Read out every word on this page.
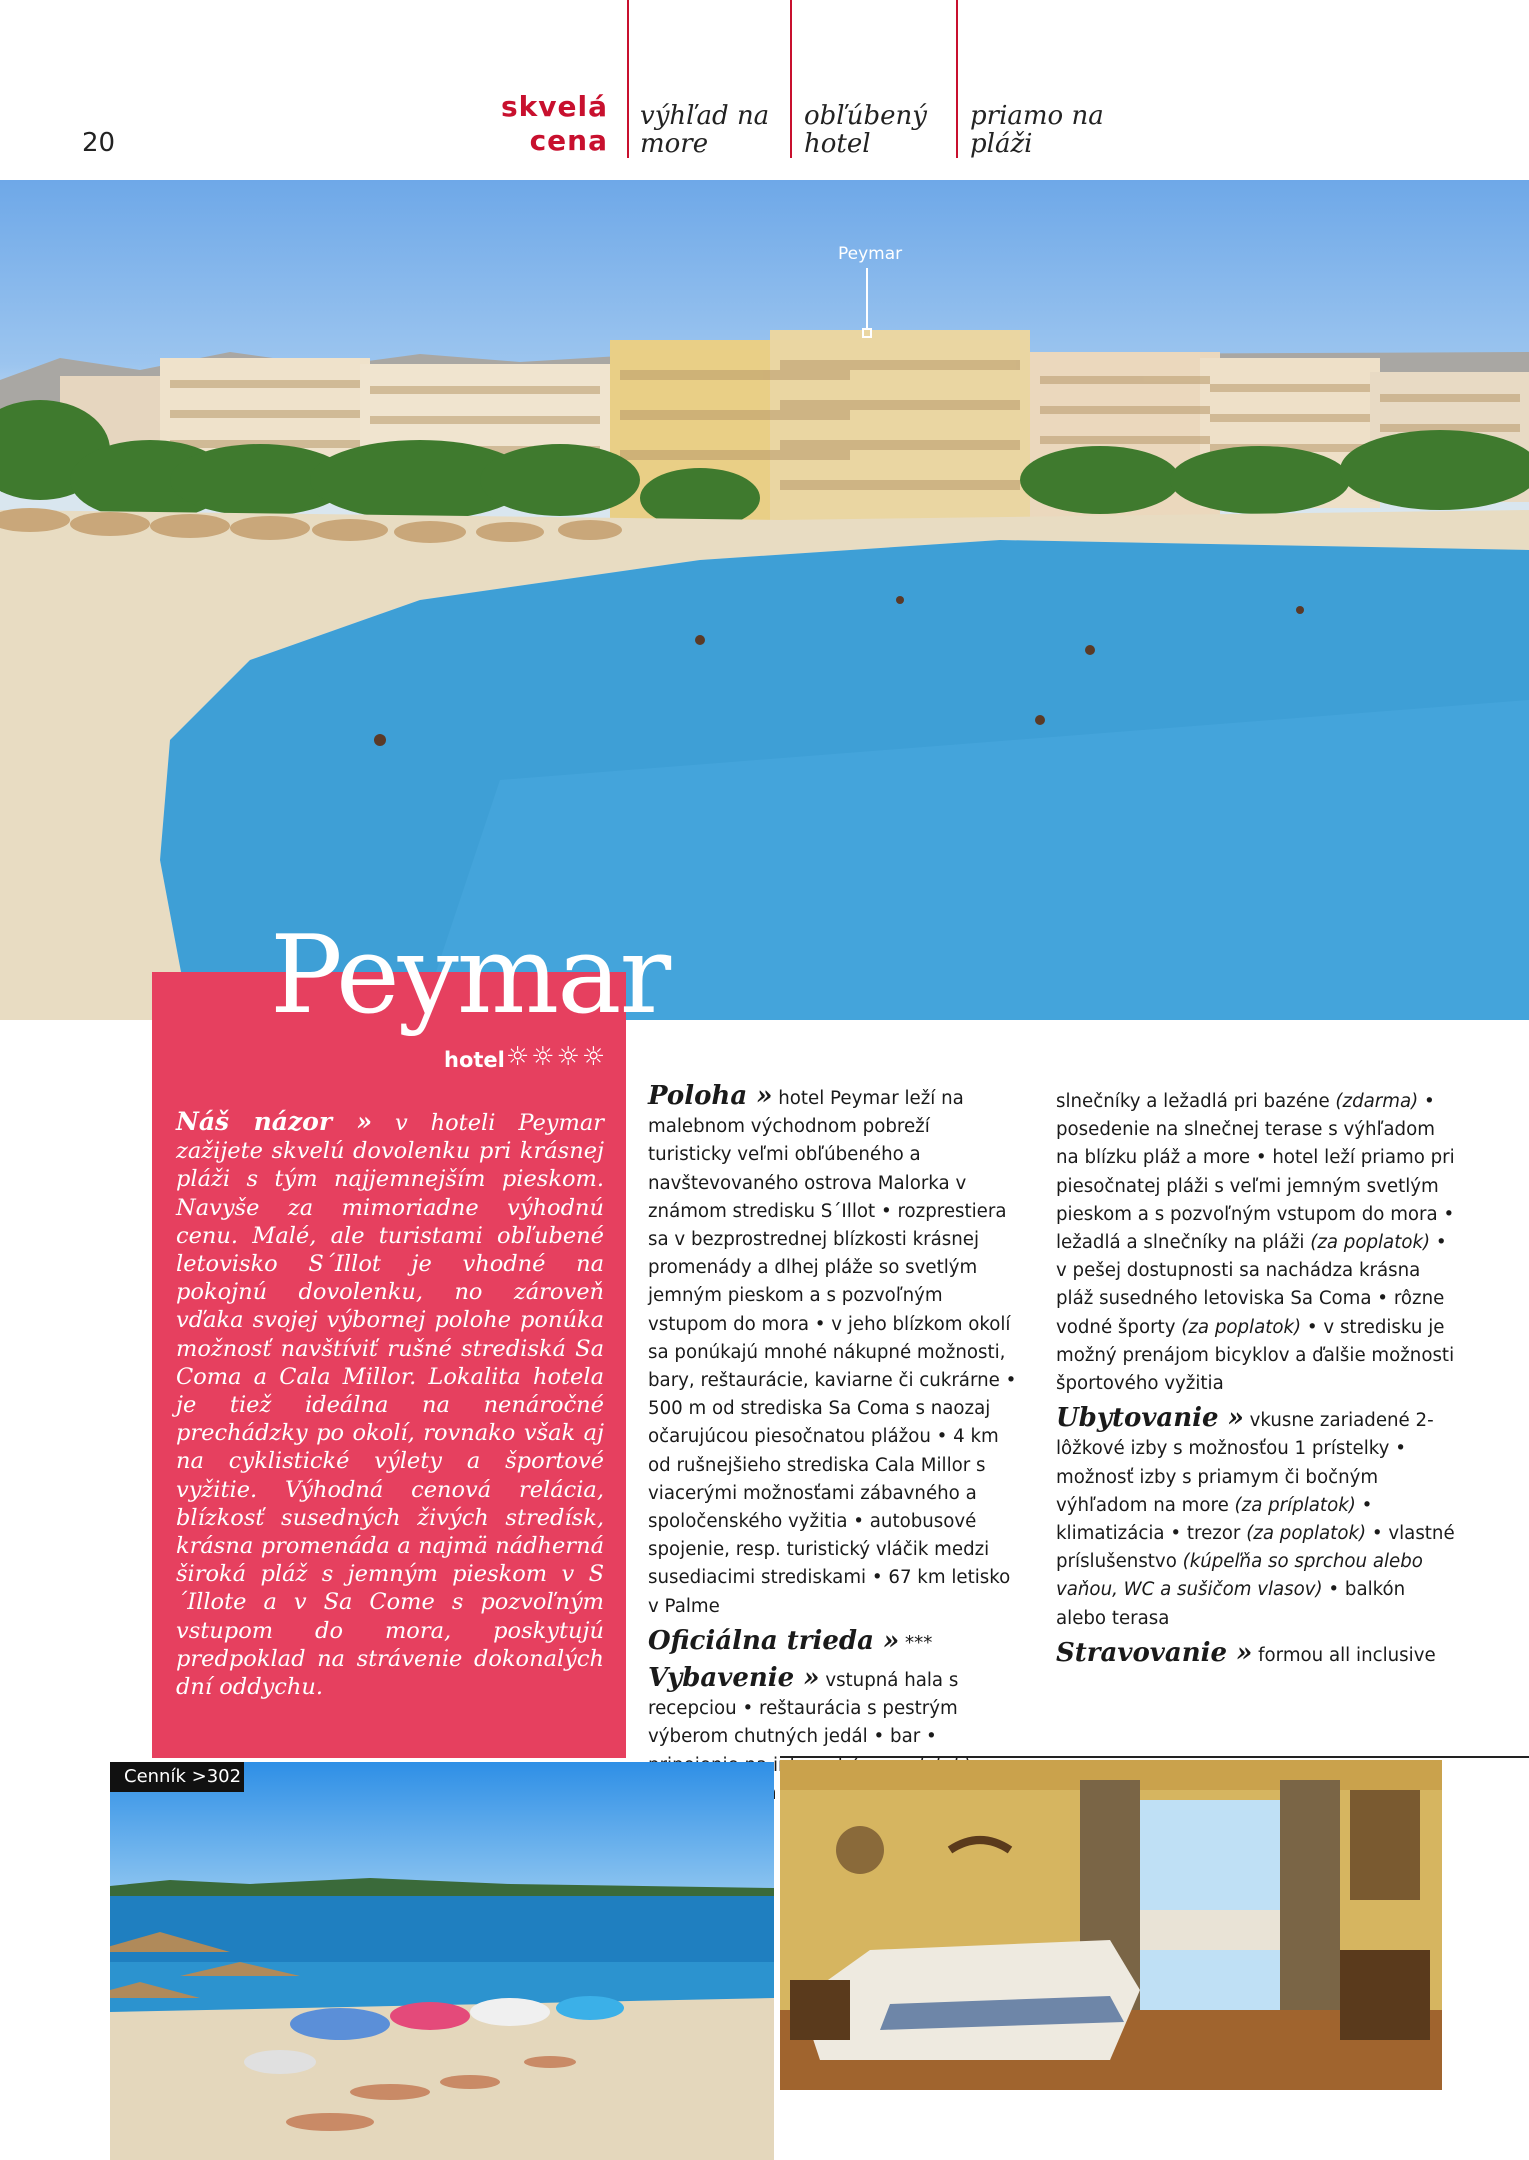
20
skvelá
cena
výhľad na
more
obľúbený
hotel
priamo na
pláži
Peymar
Peymar
hotel ☼☼☼☼
Náš názor » v hoteli Peymar zažijete skvelú dovolenku pri krásnej pláži s tým najjemnejším pieskom. Navyše za mimoriadne výhodnú cenu. Malé, ale turistami obľubené letovisko S´Illot je vhodné na pokojnú dovolenku, no zároveň vďaka svojej výbornej polohe ponúka možnosť navštíviť rušné strediská Sa Coma a Cala Millor. Lokalita hotela je tiež ideálna na nenáročné prechádzky po okolí, rovnako však aj na cyklistické výlety a športové vyžitie. Výhodná cenová relácia, blízkosť susedných živých stredísk, krásna promenáda a najmä nádherná široká pláž s jemným pieskom v S´Illote a v Sa Come s pozvoľným vstupom do mora, poskytujú predpoklad na strávenie dokonalých dní oddychu.

Poloha » hotel Peymar leží na malebnom východnom pobreží turisticky veľmi obľúbeného a navštevovaného ostrova Malorka v známom stredisku S´Illot • rozprestiera sa v bezprostrednej blízkosti krásnej promenády a dlhej pláže so svetlým jemným pieskom a s pozvoľným vstupom do mora • v jeho blízkom okolí sa ponúkajú mnohé nákupné možnosti, bary, reštaurácie, kaviarne či cukrárne • 500 m od strediska Sa Coma s naozaj očarujúcou piesočnatou plážou • 4 km od rušnejšieho strediska Cala Millor s viacerými možnosťami zábavného a spoločenského vyžitia • autobusové spojenie, resp. turistický vláčik medzi susediacimi strediskami • 67 km letisko v Palme

Oficiálna trieda » ***

Vybavenie » vstupná hala s recepciou • reštaurácia s pestrým výberom chutných jedál • bar •

slnečníky a ležadlá pri bazéne (zdarma) • posedenie na slnečnej terase s výhľadom na blízku pláž a more • hotel leží priamo pri piesočnatej pláži s veľmi jemným svetlým pieskom a s pozvoľným vstupom do mora • ležadlá a slnečníky na pláži (za poplatok) • v pešej dostupnosti sa nachádza krásna pláž susedného letoviska Sa Coma • rôzne vodné športy (za poplatok) • v stredisku je možný prenájom bicyklov a ďalšie možnosti športového vyžitia

Ubytovanie » vkusne zariadené 2-lôžkové izby s možnosťou 1 prístelky • možnosť izby s priamym či bočným výhľadom na more (za príplatok) • klimatizácia • trezor (za poplatok) • vlastné príslušenstvo (kúpeľňa so sprchou alebo vaňou, WC a sušičom vlasov) • balkón alebo terasa

Stravovanie » formou all inclusive

Cenník >302
